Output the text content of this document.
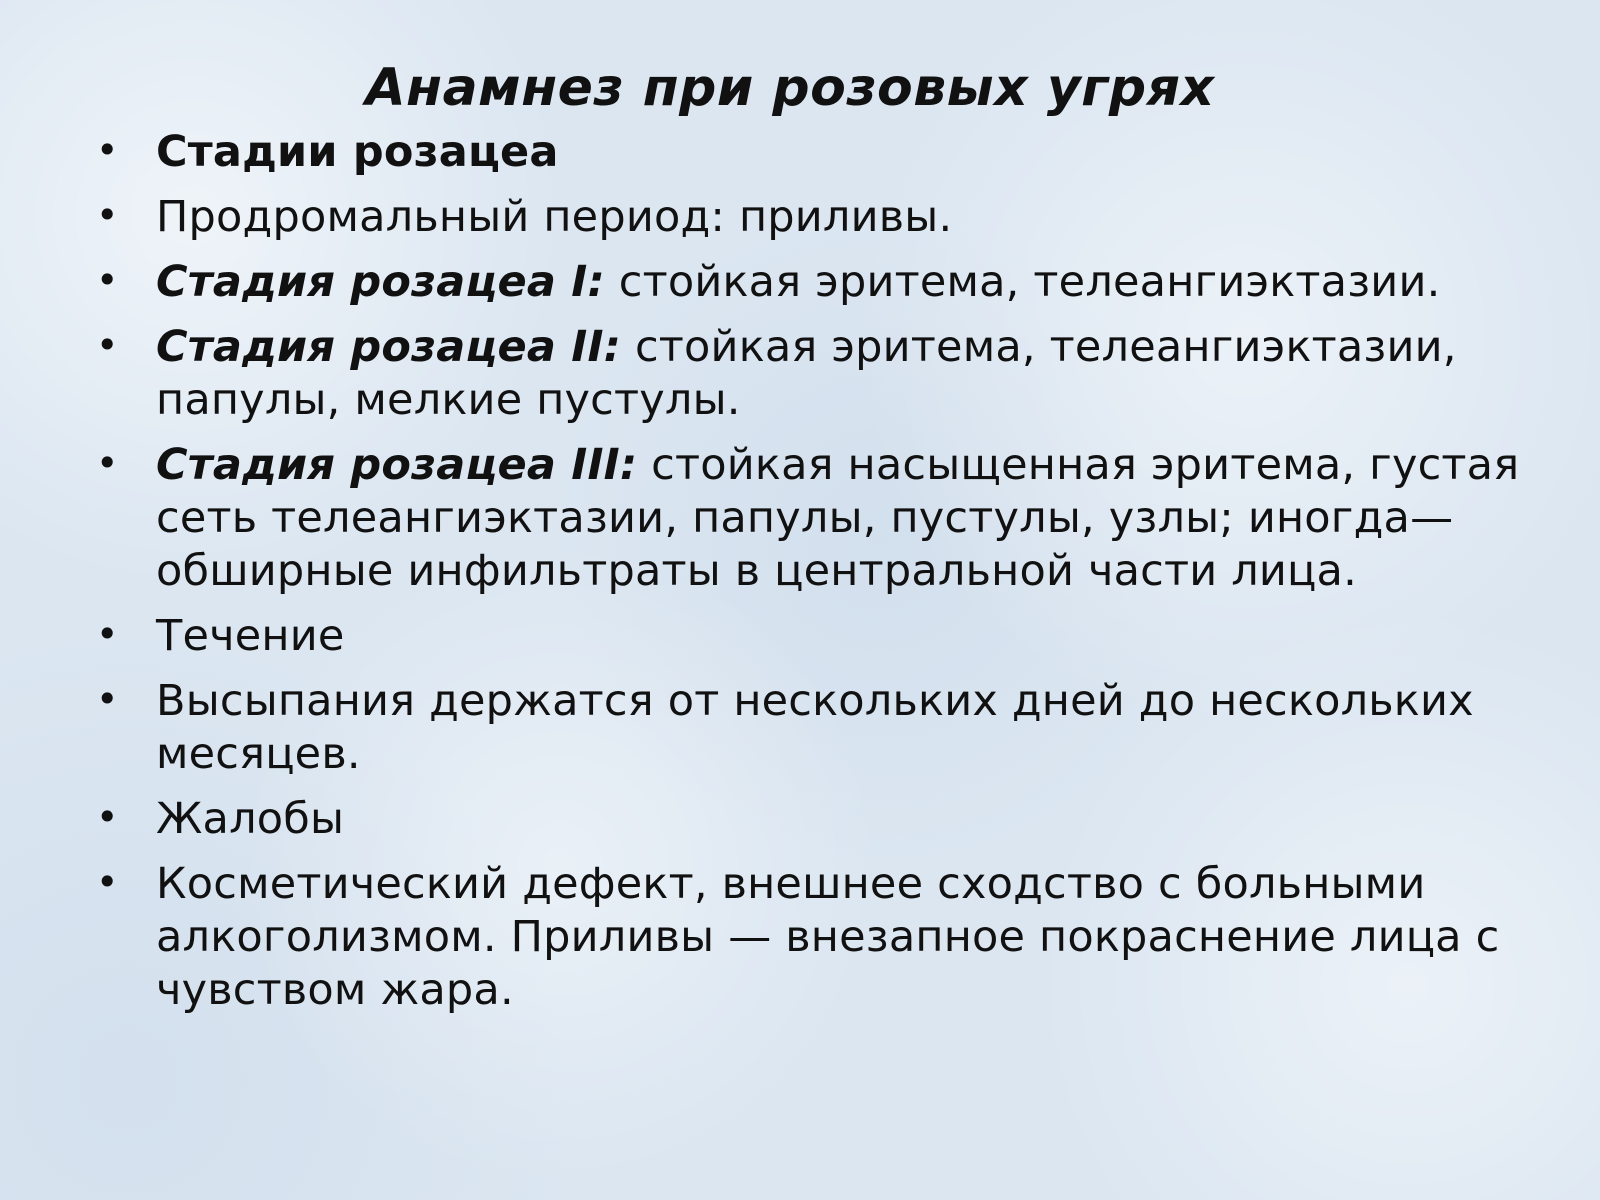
Анамнез при розовых угрях
• Стадии розацеа
• Продромальный период: приливы.
• Стадия розацеа I: стойкая эритема, телеангиэктазии.
• Стадия розацеа II: стойкая эритема, телеангиэктазии, папулы, мелкие пустулы.
• Стадия розацеа III: стойкая насыщенная эритема, густая сеть телеангиэктазии, папулы, пустулы, узлы; иногда—обширные инфильтраты в центральной части лица.
• Течение
• Высыпания держатся от нескольких дней до нескольких месяцев.
• Жалобы
• Косметический дефект, внешнее сходство с больными алкоголизмом. Приливы — внезапное покраснение лица с чувством жара.
